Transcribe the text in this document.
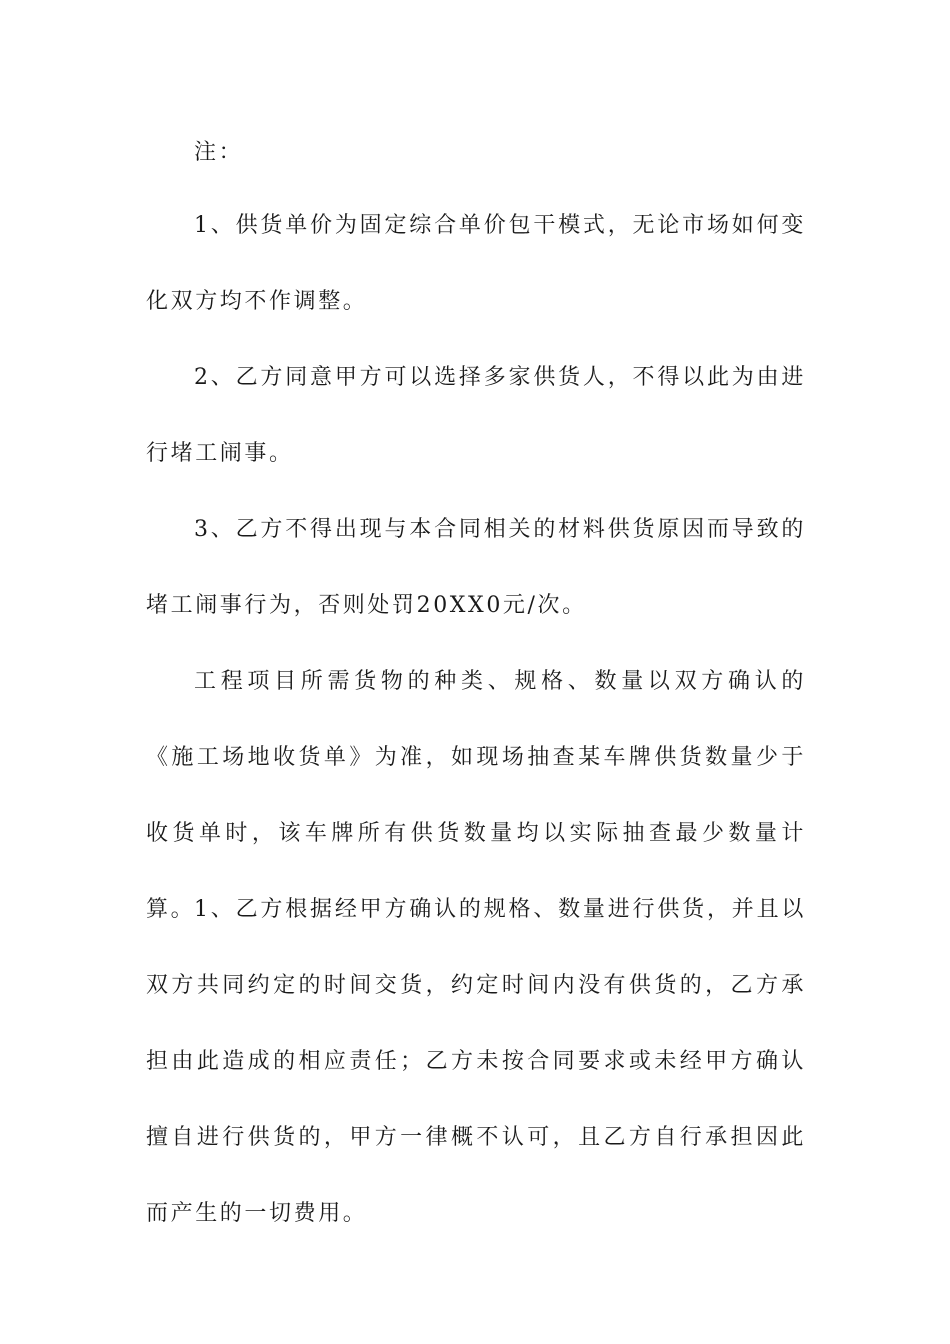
注：

1、供货单价为固定综合单价包干模式，无论市场如何变化双方均不作调整。

2、乙方同意甲方可以选择多家供货人，不得以此为由进行堵工闹事。

3、乙方不得出现与本合同相关的材料供货原因而导致的堵工闹事行为，否则处罚20XX0元/次。

工程项目所需货物的种类、规格、数量以双方确认的《施工场地收货单》为准，如现场抽查某车牌供货数量少于收货单时，该车牌所有供货数量均以实际抽查最少数量计算。

1、乙方根据经甲方确认的规格、数量进行供货，并且以双方共同约定的时间交货，约定时间内没有供货的，乙方承担由此造成的相应责任；乙方未按合同要求或未经甲方确认擅自进行供货的，甲方一律概不认可，且乙方自行承担因此而产生的一切费用。
